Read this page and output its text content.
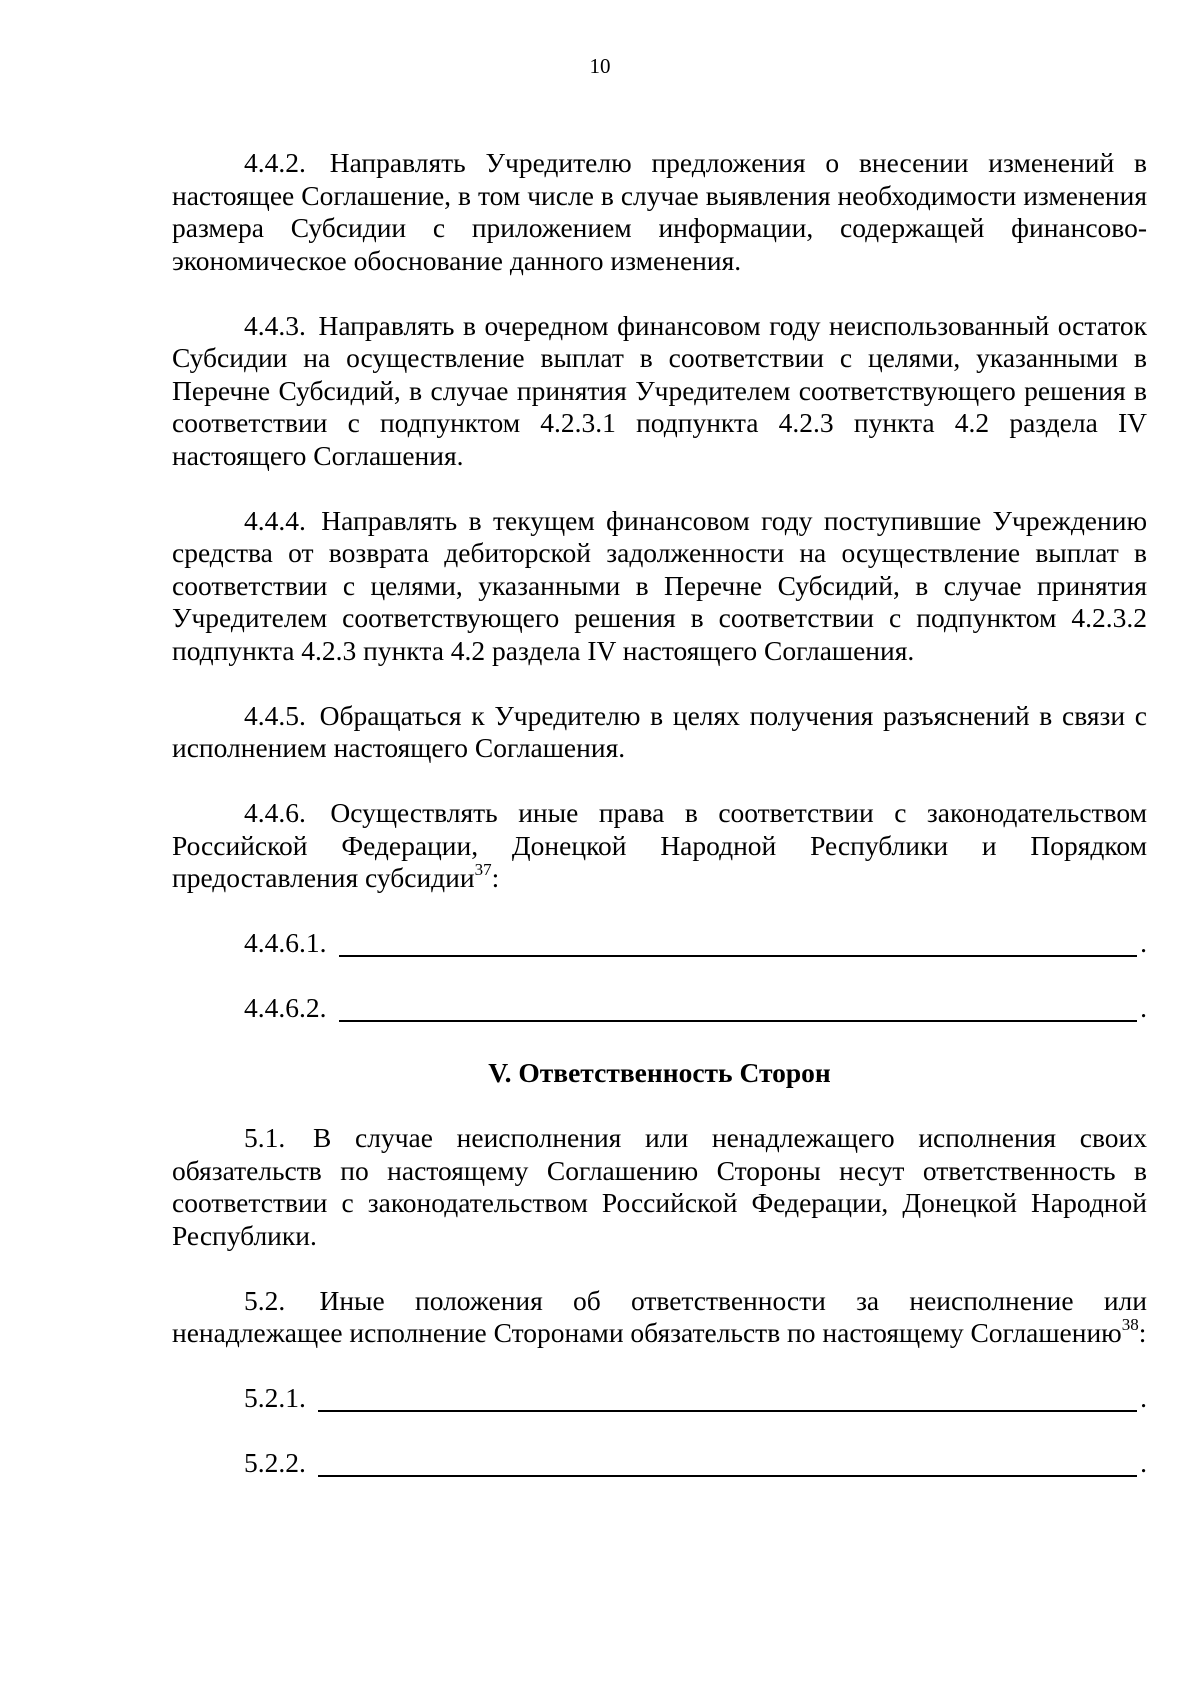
10

4.4.2. Направлять Учредителю предложения о внесении изменений в настоящее Соглашение, в том числе в случае выявления необходимости изменения размера Субсидии с приложением информации, содержащей финансово-экономическое обоснование данного изменения.

4.4.3. Направлять в очередном финансовом году неиспользованный остаток Субсидии на осуществление выплат в соответствии с целями, указанными в Перечне Субсидий, в случае принятия Учредителем соответствующего решения в соответствии с подпунктом 4.2.3.1 подпункта 4.2.3 пункта 4.2 раздела IV настоящего Соглашения.

4.4.4. Направлять в текущем финансовом году поступившие Учреждению средства от возврата дебиторской задолженности на осуществление выплат в соответствии с целями, указанными в Перечне Субсидий, в случае принятия Учредителем соответствующего решения в соответствии с подпунктом 4.2.3.2 подпункта 4.2.3 пункта 4.2 раздела IV настоящего Соглашения.

4.4.5. Обращаться к Учредителю в целях получения разъяснений в связи с исполнением настоящего Соглашения.

4.4.6. Осуществлять иные права в соответствии с законодательством Российской Федерации, Донецкой Народной Республики и Порядком предоставления субсидии$^{37}$:

4.4.6.1.	.
4.4.6.2.	.
V. Ответственность Сторон

5.1. В случае неисполнения или ненадлежащего исполнения своих обязательств по настоящему Соглашению Стороны несут ответственность в соответствии с законодательством Российской Федерации, Донецкой Народной Республики.

5.2. Иные положения об ответственности за неисполнение или ненадлежащее исполнение Сторонами обязательств по настоящему Соглашению$^{38}$:

5.2.1.	.
5.2.2.	.
